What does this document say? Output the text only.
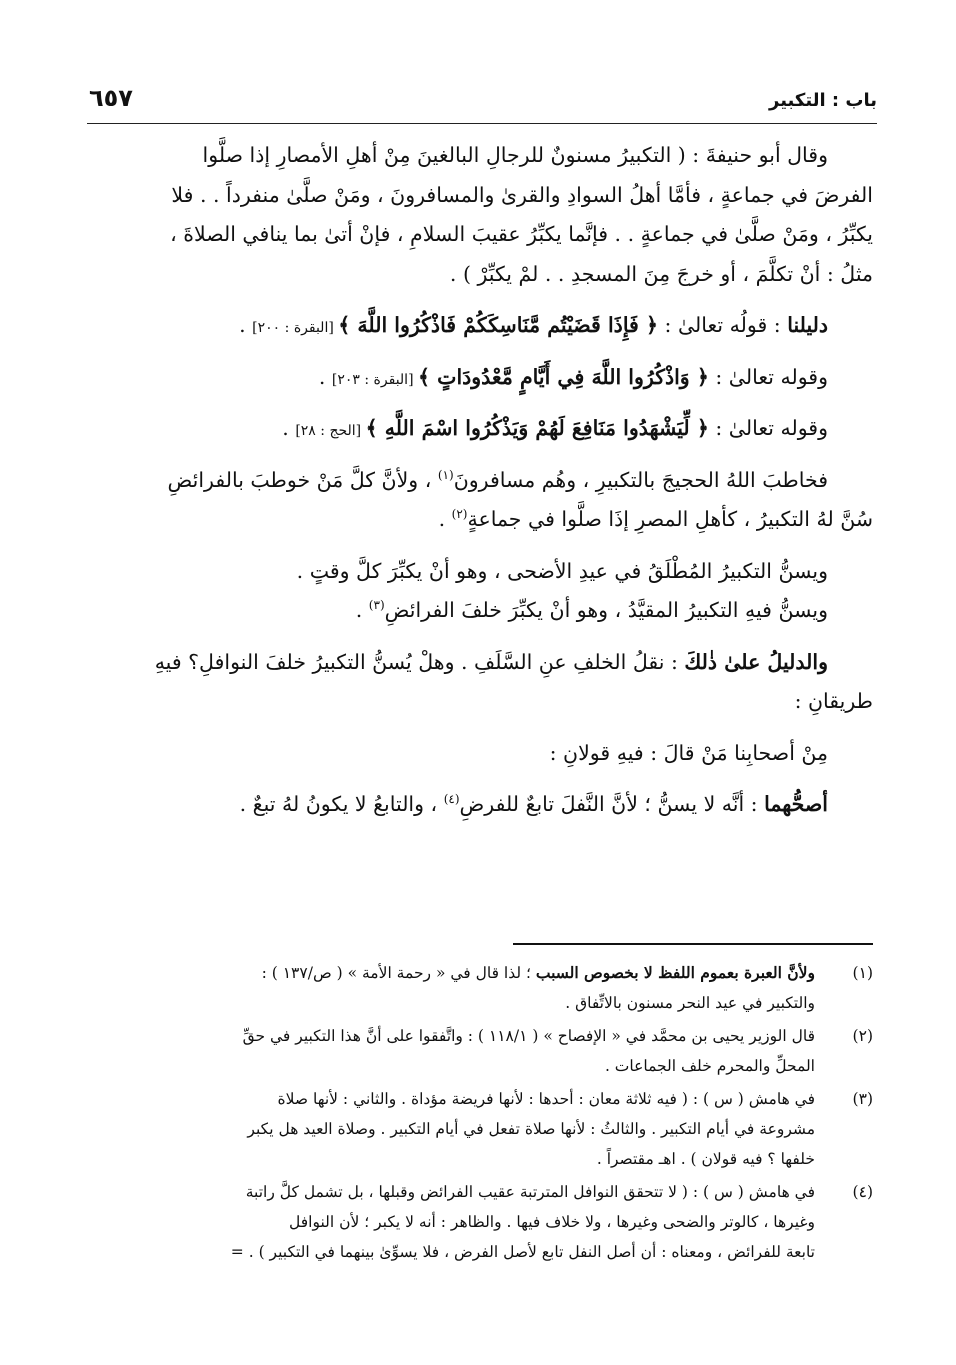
باب : التكبير
٦٥٧
وقال أبو حنيفةَ : ( التكبيرُ مسنونٌ للرجالِ البالغينَ مِنْ أهلِ الأمصارِ إذا صلَّوا
الفرضَ في جماعةٍ ، فأمَّا أهلُ السوادِ والقرىٰ والمسافرونَ ، ومَنْ صلَّىٰ منفرداً . . فلا
يكبِّرُ ، ومَنْ صلَّىٰ في جماعةٍ . . فإنَّما يكبِّرُ عقيبَ السلامِ ، فإنْ أتىٰ بما ينافي الصلاةَ ،
مثلُ : أنْ تكلَّمَ ، أو خرجَ مِنَ المسجدِ . . لمْ يكبِّرْ ) .
دليلنا : قولُه تعالىٰ : ﴿ فَإِذَا قَضَيْتُم مَّنَاسِكَكُمْ فَاذْكُرُوا اللَّهَ ﴾ [البقرة : ٢٠٠] .
وقوله تعالىٰ : ﴿ وَاذْكُرُوا اللَّهَ فِي أَيَّامٍ مَّعْدُودَاتٍ ﴾ [البقرة : ٢٠٣] .
وقوله تعالىٰ : ﴿ لِّيَشْهَدُوا مَنَافِعَ لَهُمْ وَيَذْكُرُوا اسْمَ اللَّهِ ﴾ [الحج : ٢٨] .
فخاطبَ اللهُ الحجيجَ بالتكبيرِ ، وهُم مسافرونَ$^{(١)}$ ، ولأنَّ كلَّ مَنْ خوطبَ بالفرائضِ
سُنَّ لهُ التكبيرُ ، كأهلِ المصرِ إذَا صلَّوا في جماعةٍ$^{(٢)}$ .
ويسنُّ التكبيرُ المُطْلَقُ في عيدِ الأضحى ، وهو أنْ يكبِّرَ كلَّ وقتٍ .
ويسنُّ فيهِ التكبيرُ المقيَّدُ ، وهو أنْ يكبِّرَ خلفَ الفرائضِ$^{(٣)}$ .
والدليلُ علىٰ ذٰلكَ : نقلُ الخلفِ عنِ السَّلَفِ . وهلْ يُسنُّ التكبيرُ خلفَ النوافلِ؟ فيهِ
طريقانِ :
مِنْ أصحابِنا مَنْ قالَ : فيهِ قولانِ :
أصحُّهما : أنَّه لا يسنُّ ؛ لأنَّ النَّفلَ تابعٌ للفرضِ$^{(٤)}$ ، والتابعُ لا يكونُ لهُ تبعٌ .
(١)
ولأنَّ العبرة بعموم اللفظ لا بخصوص السبب ؛ لذا قال في « رحمة الأمة » ( ص/١٣٧ ) :
والتكبير في عيد النحر مسنون بالاتِّفاق .
(٢)
قال الوزير يحيى بن محمَّد في « الإفصاح » ( ١١٨/١ ) : واتَّفقوا على أنَّ هذا التكبير في حقِّ
المحلِّ والمحرم خلف الجماعات .
(٣)
في هامش ( س ) : ( فيه ثلاثة معان : أحدها : لأنها فريضة مؤداة . والثاني : لأنها صلاة
مشروعة في أيام التكبير . والثالثُ : لأنها صلاة تفعل في أيام التكبير . وصلاة العيد هل يكبر
خلفها ؟ فيه قولان ) . اهـ مقتصراً .
(٤)
في هامش ( س ) : ( لا تتحقق النوافل المترتبة عقيب الفرائض وقبلها ، بل تشمل كلَّ راتبة
وغيرها ، كالوتر والضحى وغيرها ، ولا خلاف فيها . والظاهر : أنه لا يكبر ؛ لأن النوافل
تابعة للفرائض ، ومعناه : أن أصل النفل تابع لأصل الفرض ، فلا يسوِّىٰ بينهما في التكبير ) . =
